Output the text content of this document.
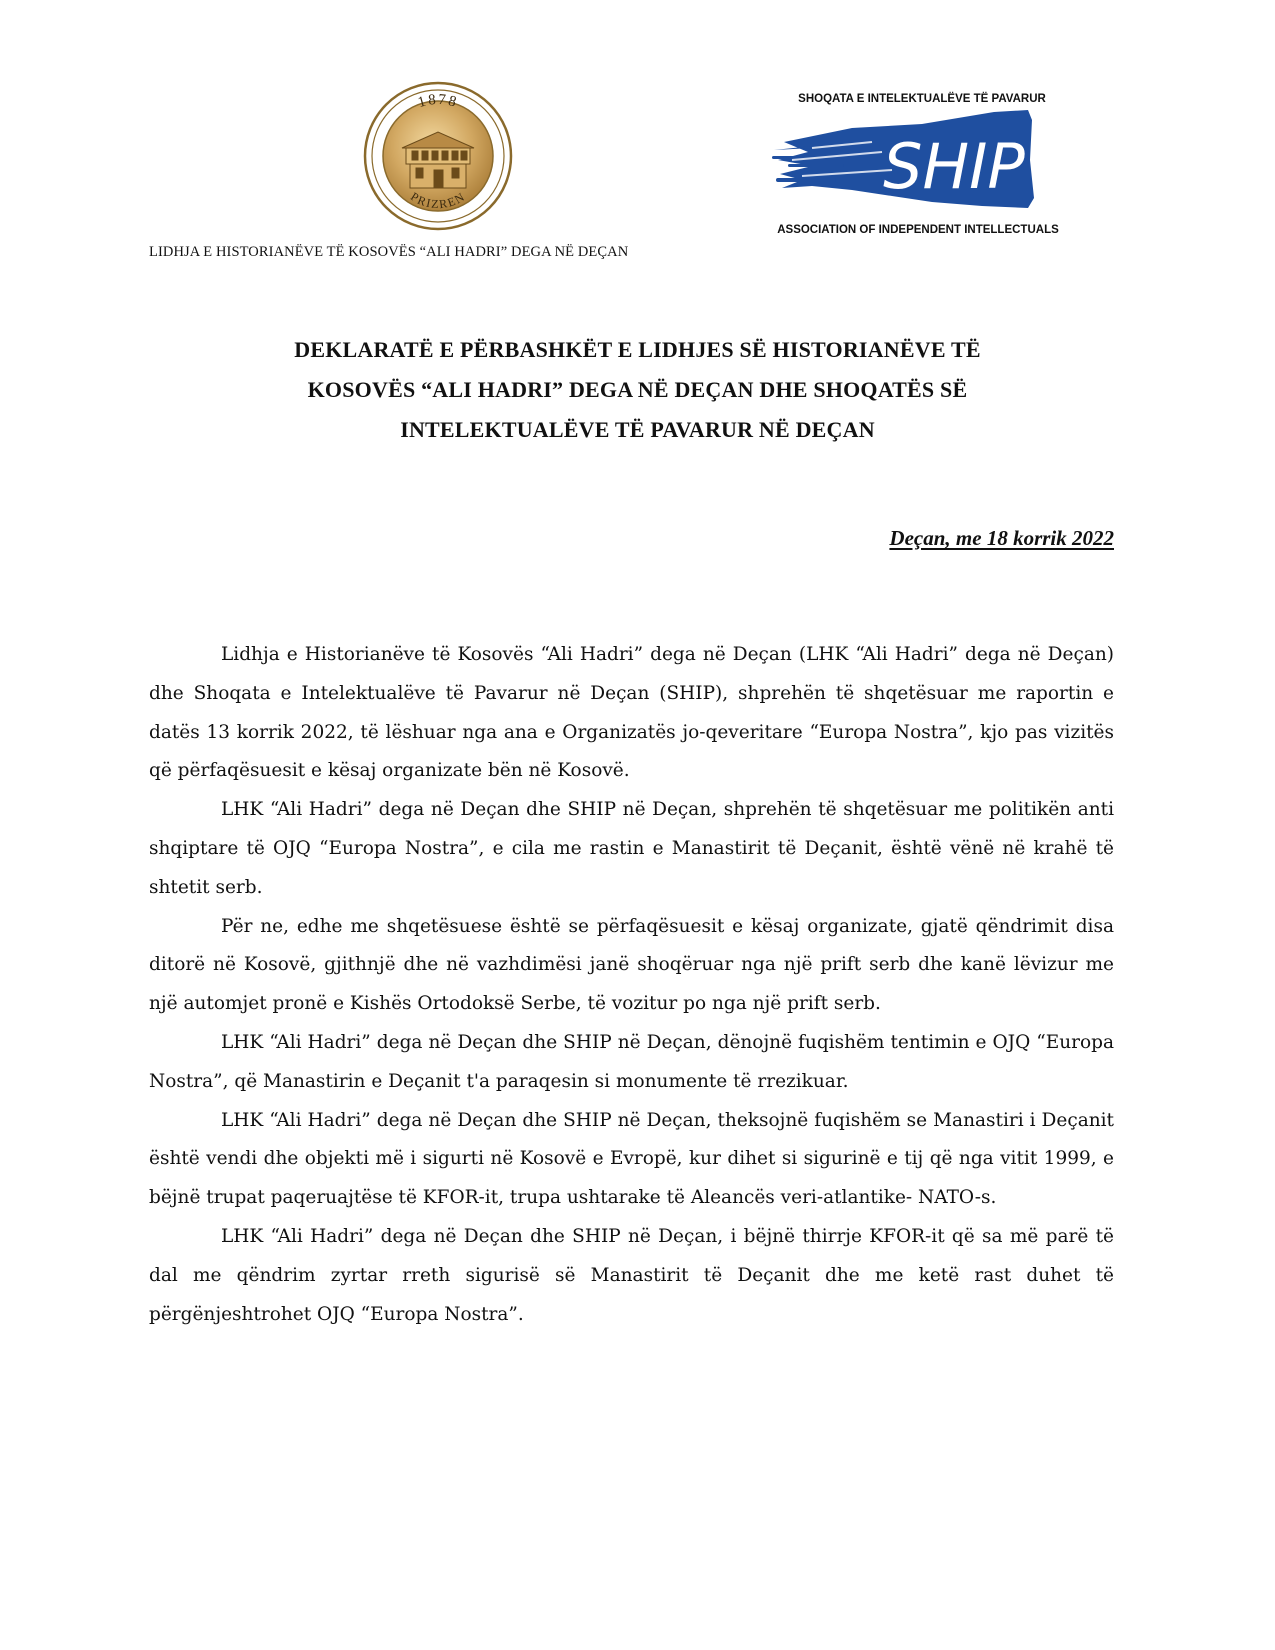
1878
PRIZREN
LIDHJA E HISTORIANËVE TË KOSOVËS “ALI HADRI” DEGA NË DEÇAN
SHOQATA E INTELEKTUALËVE TË PAVARUR
SHIP
ASSOCIATION OF INDEPENDENT INTELLECTUALS
DEKLARATË E PËRBASHKËT E LIDHJES SË HISTORIANËVE TË
KOSOVËS “ALI HADRI” DEGA NË DEÇAN DHE SHOQATËS SË
INTELEKTUALËVE TË PAVARUR NË DEÇAN
Deçan, me 18 korrik 2022

Lidhja e Historianëve të Kosovës “Ali Hadri” dega në Deçan (LHK “Ali Hadri” dega në Deçan) dhe Shoqata e Intelektualëve të Pavarur në Deçan (SHIP), shprehën të shqetësuar me raportin e datës 13 korrik 2022, të lëshuar nga ana e Organizatës jo-qeveritare “Europa Nostra”, kjo pas vizitës që përfaqësuesit e kësaj organizate bën në Kosovë.

LHK “Ali Hadri” dega në Deçan dhe SHIP në Deçan, shprehën të shqetësuar me politikën anti shqiptare të OJQ “Europa Nostra”, e cila me rastin e Manastirit të Deçanit, është vënë në krahë të shtetit serb.

Për ne, edhe me shqetësuese është se përfaqësuesit e kësaj organizate, gjatë qëndrimit disa ditorë në Kosovë, gjithnjë dhe në vazhdimësi janë shoqëruar nga një prift serb dhe kanë lëvizur me një automjet pronë e Kishës Ortodoksë Serbe, të vozitur po nga një prift serb.

LHK “Ali Hadri” dega në Deçan dhe SHIP në Deçan, dënojnë fuqishëm tentimin e OJQ “Europa Nostra”, që Manastirin e Deçanit t'a paraqesin si monumente të rrezikuar.

LHK “Ali Hadri” dega në Deçan dhe SHIP në Deçan, theksojnë fuqishëm se Manastiri i Deçanit është vendi dhe objekti më i sigurti në Kosovë e Evropë, kur dihet si sigurinë e tij që nga vitit 1999, e bëjnë trupat paqeruajtëse të KFOR-it, trupa ushtarake të Aleancës veri-atlantike- NATO-s.

LHK “Ali Hadri” dega në Deçan dhe SHIP në Deçan, i bëjnë thirrje KFOR-it që sa më parë të dal me qëndrim zyrtar rreth sigurisë së Manastirit të Deçanit dhe me ketë rast duhet të përgënjeshtrohet OJQ “Europa Nostra”.
